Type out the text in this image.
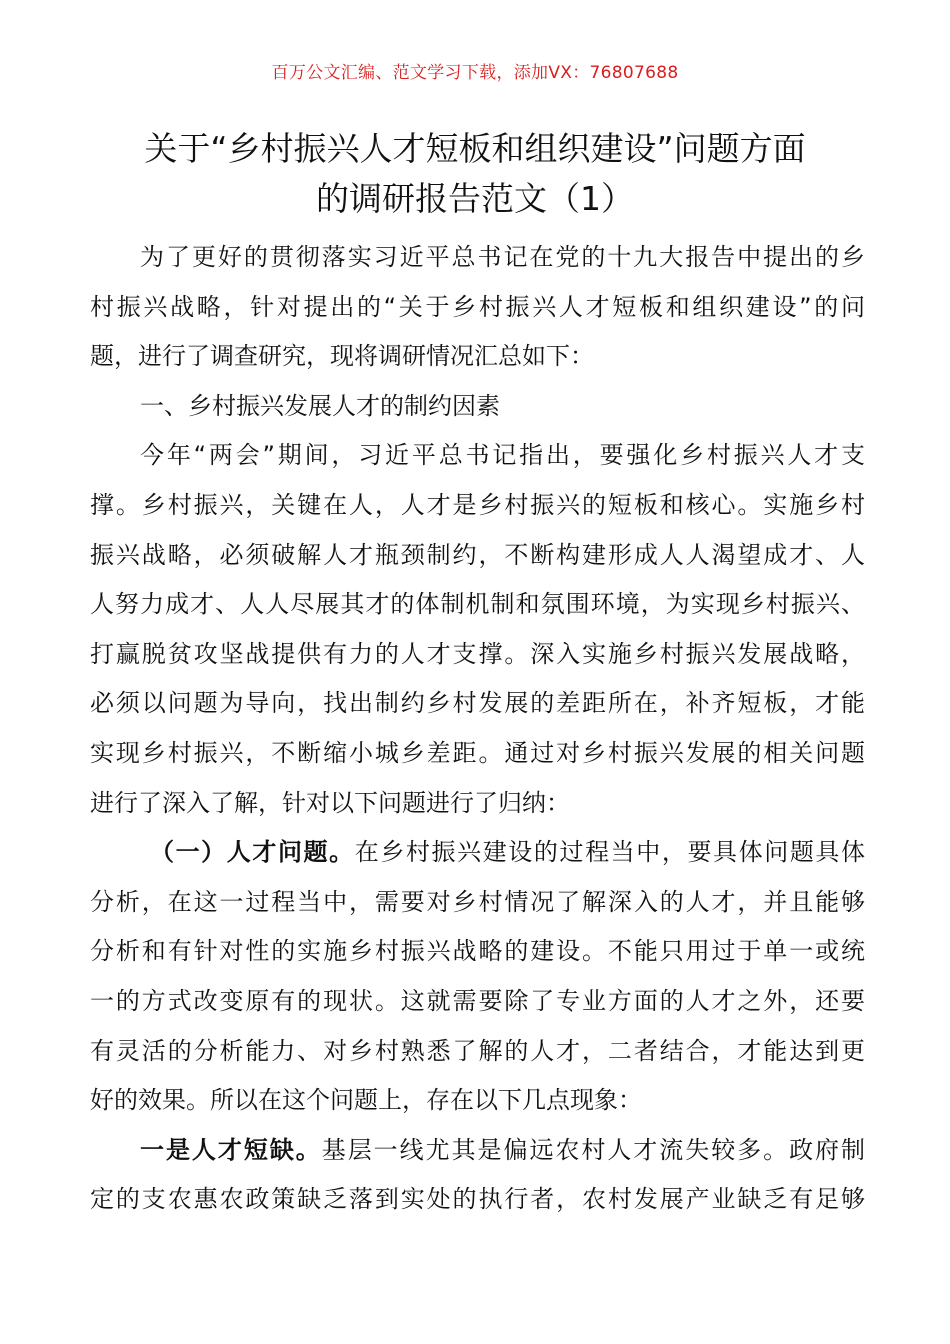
百万公文汇编、范文学习下载，添加VX：76807688
关于“乡村振兴人才短板和组织建设”问题方面
的调研报告范文（1）
为了更好的贯彻落实习近平总书记在党的十九大报告中提出的乡
村振兴战略，针对提出的“关于乡村振兴人才短板和组织建设”的问
题，进行了调查研究，现将调研情况汇总如下：
一、乡村振兴发展人才的制约因素
今年“两会”期间，习近平总书记指出，要强化乡村振兴人才支
撑。乡村振兴，关键在人，人才是乡村振兴的短板和核心。实施乡村
振兴战略，必须破解人才瓶颈制约，不断构建形成人人渴望成才、人
人努力成才、人人尽展其才的体制机制和氛围环境，为实现乡村振兴、
打赢脱贫攻坚战提供有力的人才支撑。深入实施乡村振兴发展战略，
必须以问题为导向，找出制约乡村发展的差距所在，补齐短板，才能
实现乡村振兴，不断缩小城乡差距。通过对乡村振兴发展的相关问题
进行了深入了解，针对以下问题进行了归纳：
（一）人才问题。在乡村振兴建设的过程当中，要具体问题具体
分析，在这一过程当中，需要对乡村情况了解深入的人才，并且能够
分析和有针对性的实施乡村振兴战略的建设。不能只用过于单一或统
一的方式改变原有的现状。这就需要除了专业方面的人才之外，还要
有灵活的分析能力、对乡村熟悉了解的人才，二者结合，才能达到更
好的效果。所以在这个问题上，存在以下几点现象：
一是人才短缺。基层一线尤其是偏远农村人才流失较多。政府制
定的支农惠农政策缺乏落到实处的执行者，农村发展产业缺乏有足够
